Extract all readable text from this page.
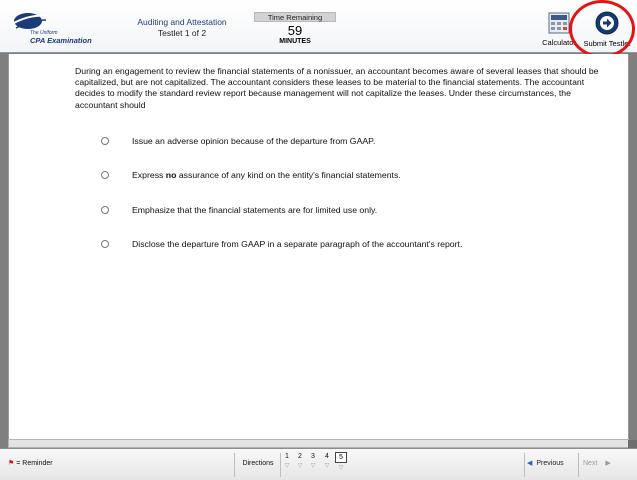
The Uniform
CPA Examination
Auditing and Attestation
Testlet 1 of 2
Time Remaining
59
MINUTES	Calculator	Submit Testlet

During an engagement to review the financial statements of a nonissuer, an accountant becomes aware of several leases that should be capitalized, but are not capitalized. The accountant considers these leases to be material to the financial statements. The accountant decides to modify the standard review report because management will not capitalize the leases. Under these circumstances, the accountant should

Issue an adverse opinion because of the departure from GAAP.
Express no assurance of any kind on the entity's financial statements.
Emphasize that the financial statements are for limited use only.
Disclose the departure from GAAP in a separate paragraph of the accountant's report.
⚑ = Reminder	Directions
1
▽
2
▽
3
▽
4
▽
5
▽
◀ Previous	Next ▶
